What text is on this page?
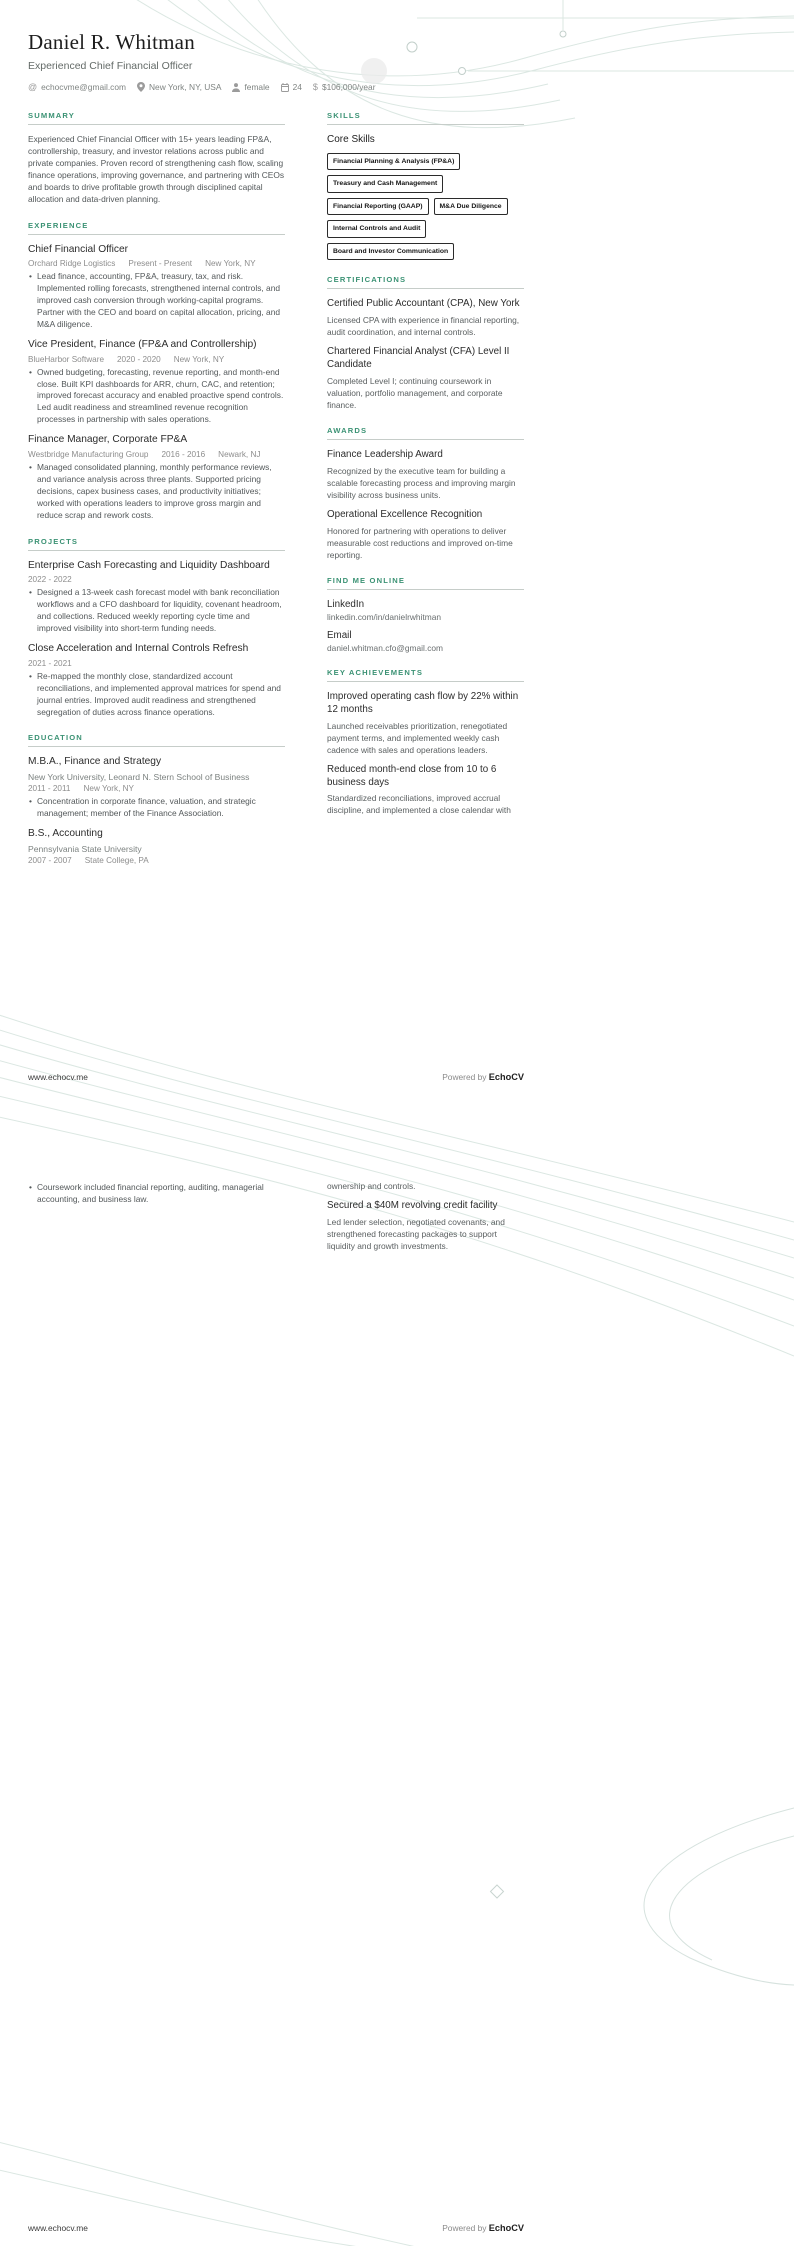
Daniel R. Whitman
Experienced Chief Financial Officer
@ echocvme@gmail.com	New York, NY, USA	female	24 $ $106,000/year
SUMMARY

Experienced Chief Financial Officer with 15+ years leading FP&A, controllership, treasury, and investor relations across public and private companies. Proven record of strengthening cash flow, scaling finance operations, improving governance, and partnering with CEOs and boards to drive profitable growth through disciplined capital allocation and data-driven planning.

EXPERIENCE
Chief Financial Officer
Orchard Ridge Logistics Present - Present New York, NY
• Lead finance, accounting, FP&A, treasury, tax, and risk. Implemented rolling forecasts, strengthened internal controls, and improved cash conversion through working-capital programs. Partner with the CEO and board on capital allocation, pricing, and M&A diligence.
Vice President, Finance (FP&A and Controllership)
BlueHarbor Software 2020 - 2020 New York, NY
• Owned budgeting, forecasting, revenue reporting, and month-end close. Built KPI dashboards for ARR, churn, CAC, and retention; improved forecast accuracy and enabled proactive spend controls. Led audit readiness and streamlined revenue recognition processes in partnership with sales operations.
Finance Manager, Corporate FP&A
Westbridge Manufacturing Group 2016 - 2016 Newark, NJ
• Managed consolidated planning, monthly performance reviews, and variance analysis across three plants. Supported pricing decisions, capex business cases, and productivity initiatives; worked with operations leaders to improve gross margin and reduce scrap and rework costs.
PROJECTS
Enterprise Cash Forecasting and Liquidity Dashboard
2022 - 2022
• Designed a 13-week cash forecast model with bank reconciliation workflows and a CFO dashboard for liquidity, covenant headroom, and collections. Reduced weekly reporting cycle time and improved visibility into short-term funding needs.
Close Acceleration and Internal Controls Refresh
2021 - 2021
• Re-mapped the monthly close, standardized account reconciliations, and implemented approval matrices for spend and journal entries. Improved audit readiness and strengthened segregation of duties across finance operations.
EDUCATION
M.B.A., Finance and Strategy
New York University, Leonard N. Stern School of Business
2011 - 2011 New York, NY
• Concentration in corporate finance, valuation, and strategic management; member of the Finance Association.
B.S., Accounting
Pennsylvania State University
2007 - 2007 State College, PA
SKILLS
Core Skills
Financial Planning & Analysis (FP&A)
Treasury and Cash Management
Financial Reporting (GAAP)	M&A Due Diligence
Internal Controls and Audit
Board and Investor Communication
CERTIFICATIONS
Certified Public Accountant (CPA), New York

Licensed CPA with experience in financial reporting, audit coordination, and internal controls.

Chartered Financial Analyst (CFA) Level II Candidate

Completed Level I; continuing coursework in valuation, portfolio management, and corporate finance.

AWARDS
Finance Leadership Award

Recognized by the executive team for building a scalable forecasting process and improving margin visibility across business units.

Operational Excellence Recognition

Honored for partnering with operations to deliver measurable cost reductions and improved on-time reporting.

FIND ME ONLINE
LinkedIn
linkedin.com/in/danielrwhitman
Email
daniel.whitman.cfo@gmail.com
KEY ACHIEVEMENTS
Improved operating cash flow by 22% within 12 months

Launched receivables prioritization, renegotiated payment terms, and implemented weekly cash cadence with sales and operations leaders.

Reduced month-end close from 10 to 6 business days

Standardized reconciliations, improved accrual discipline, and implemented a close calendar with

www.echocv.me	Powered by EchoCV
• Coursework included financial reporting, auditing, managerial accounting, and business law.

ownership and controls.

Secured a $40M revolving credit facility

Led lender selection, negotiated covenants, and strengthened forecasting packages to support liquidity and growth investments.

www.echocv.me	Powered by EchoCV
